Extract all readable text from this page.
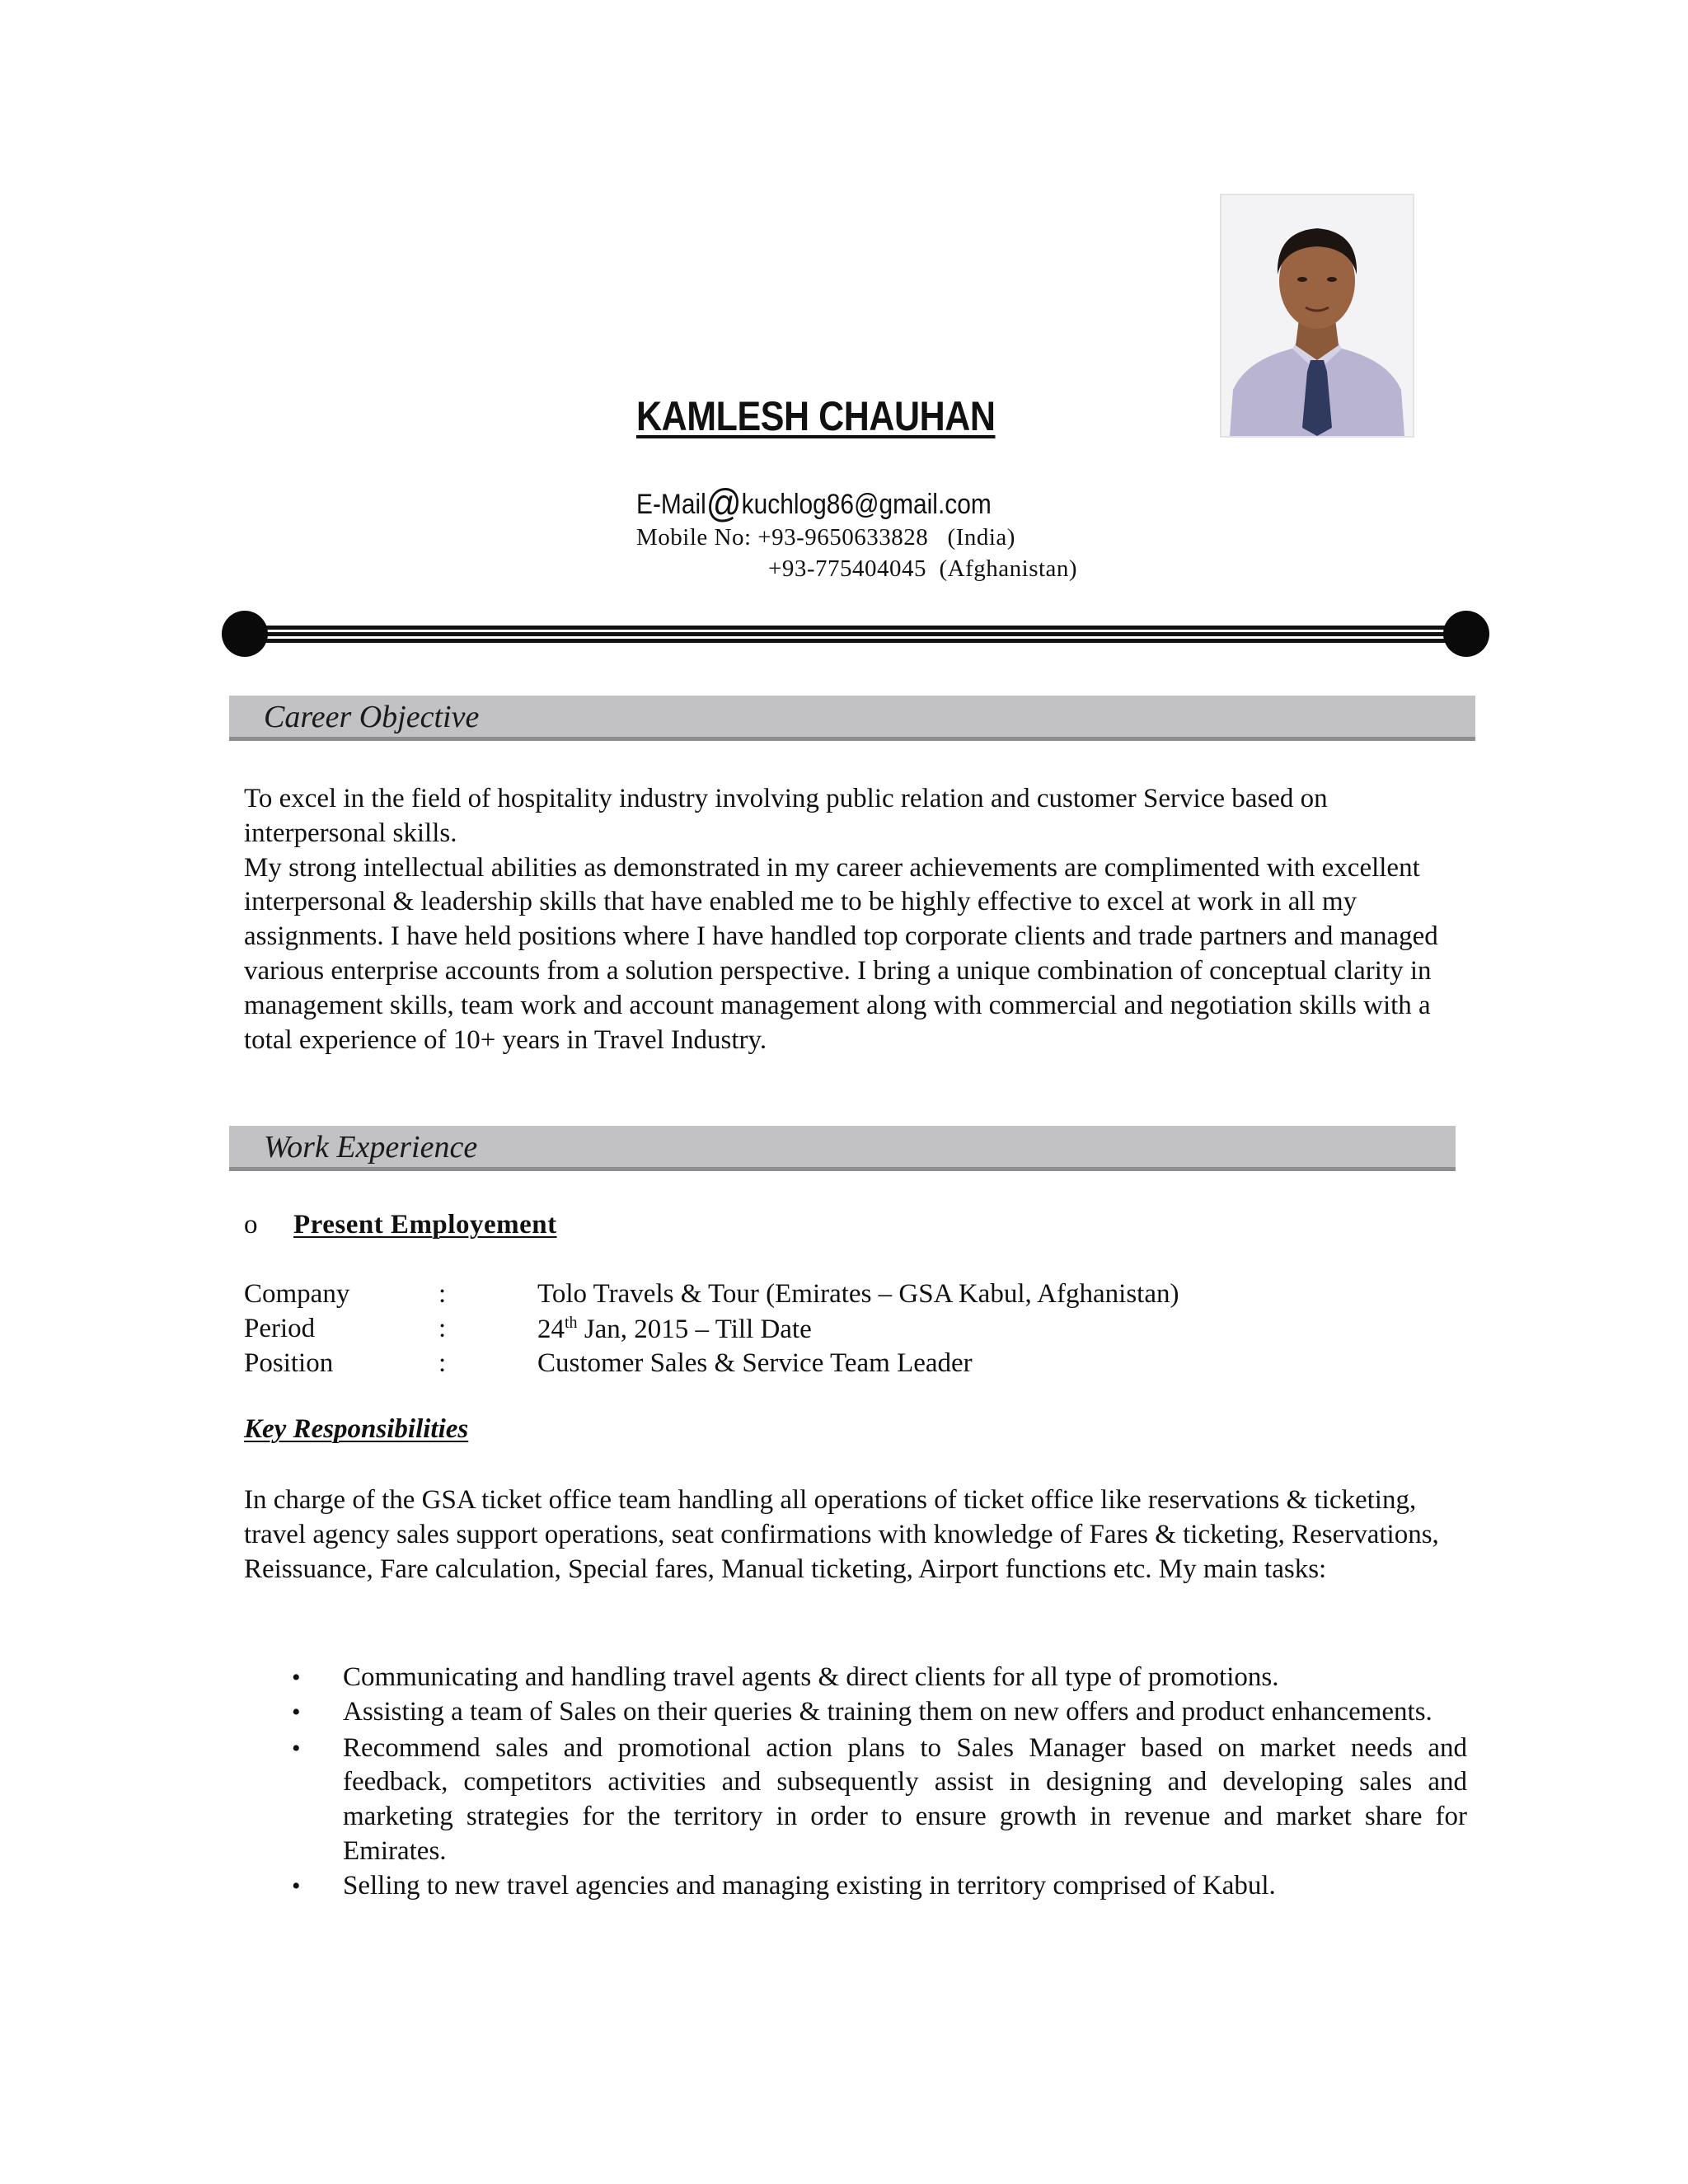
KAMLESH CHAUHAN
E-Mail@kuchlog86@gmail.com
Mobile No: +93-9650633828 (India)
+93-775404045 (Afghanistan)
Career Objective

To excel in the field of hospitality industry involving public relation and customer Service based on interpersonal skills.

My strong intellectual abilities as demonstrated in my career achievements are complimented with excellent interpersonal & leadership skills that have enabled me to be highly effective to excel at work in all my assignments. I have held positions where I have handled top corporate clients and trade partners and managed various enterprise accounts from a solution perspective. I bring a unique combination of conceptual clarity in management skills, team work and account management along with commercial and negotiation skills with a total experience of 10+ years in Travel Industry.

Work Experience
o Present Employement
Company	:	Tolo Travels & Tour (Emirates – GSA Kabul, Afghanistan)
Period	:	24th Jan, 2015 – Till Date
Position	:	Customer Sales & Service Team Leader
Key Responsibilities

In charge of the GSA ticket office team handling all operations of ticket office like reservations & ticketing, travel agency sales support operations, seat confirmations with knowledge of Fares & ticketing, Reservations, Reissuance, Fare calculation, Special fares, Manual ticketing, Airport functions etc. My main tasks:

• Communicating and handling travel agents & direct clients for all type of promotions.
• Assisting a team of Sales on their queries & training them on new offers and product enhancements.
• Recommend sales and promotional action plans to Sales Manager based on market needs and feedback, competitors activities and subsequently assist in designing and developing sales and marketing strategies for the territory in order to ensure growth in revenue and market share for Emirates.
• Selling to new travel agencies and managing existing in territory comprised of Kabul.
